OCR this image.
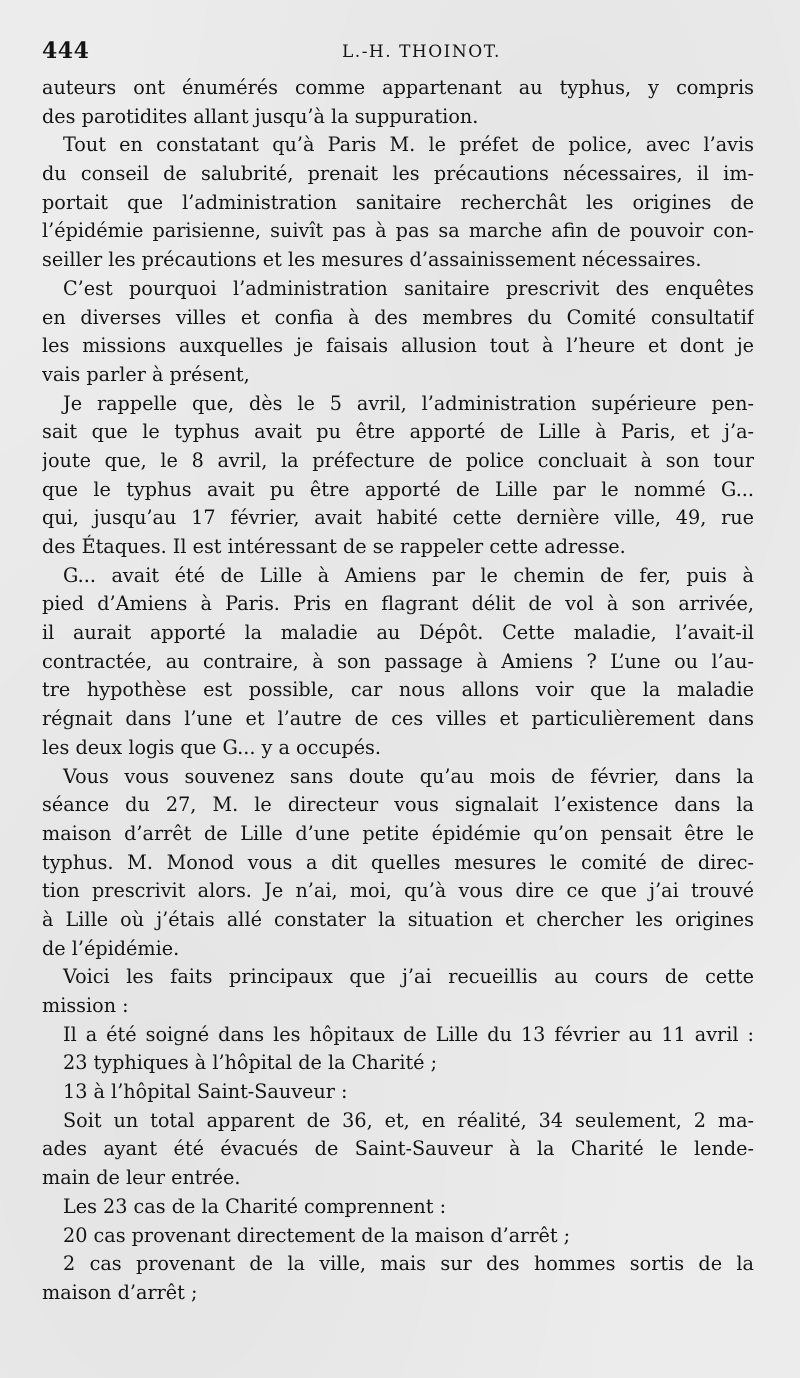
444	L.-H. THOINOT.
auteurs ont énumérés comme appartenant au typhus, y compris
des parotidites allant jusqu’à la suppuration.
Tout en constatant qu’à Paris M. le préfet de police, avec l’avis
du conseil de salubrité, prenait les précautions nécessaires, il im-
portait que l’administration sanitaire recherchât les origines de
l’épidémie parisienne, suivît pas à pas sa marche afin de pouvoir con-
seiller les précautions et les mesures d’assainissement nécessaires.
C’est pourquoi l’administration sanitaire prescrivit des enquêtes
en diverses villes et confia à des membres du Comité consultatif
les missions auxquelles je faisais allusion tout à l’heure et dont je
vais parler à présent,
Je rappelle que, dès le 5 avril, l’administration supérieure pen-
sait que le typhus avait pu être apporté de Lille à Paris, et j’a-
joute que, le 8 avril, la préfecture de police concluait à son tour
que le typhus avait pu être apporté de Lille par le nommé G...
qui, jusqu’au 17 février, avait habité cette dernière ville, 49, rue
des Étaques. Il est intéressant de se rappeler cette adresse.
G... avait été de Lille à Amiens par le chemin de fer, puis à
pied d’Amiens à Paris. Pris en flagrant délit de vol à son arrivée,
il aurait apporté la maladie au Dépôt. Cette maladie, l’avait-il
contractée, au contraire, à son passage à Amiens ? L’une ou l’au-
tre hypothèse est possible, car nous allons voir que la maladie
régnait dans l’une et l’autre de ces villes et particulièrement dans
les deux logis que G... y a occupés.
Vous vous souvenez sans doute qu’au mois de février, dans la
séance du 27, M. le directeur vous signalait l’existence dans la
maison d’arrêt de Lille d’une petite épidémie qu’on pensait être le
typhus. M. Monod vous a dit quelles mesures le comité de direc-
tion prescrivit alors. Je n’ai, moi, qu’à vous dire ce que j’ai trouvé
à Lille où j’étais allé constater la situation et chercher les origines
de l’épidémie.
Voici les faits principaux que j’ai recueillis au cours de cette
mission :
Il a été soigné dans les hôpitaux de Lille du 13 février au 11 avril :
23 typhiques à l’hôpital de la Charité ;
13 à l’hôpital Saint-Sauveur :
Soit un total apparent de 36, et, en réalité, 34 seulement, 2 ma-
ades ayant été évacués de Saint-Sauveur à la Charité le lende-
main de leur entrée.
Les 23 cas de la Charité comprennent :
20 cas provenant directement de la maison d’arrêt ;
2 cas provenant de la ville, mais sur des hommes sortis de la
maison d’arrêt ;
